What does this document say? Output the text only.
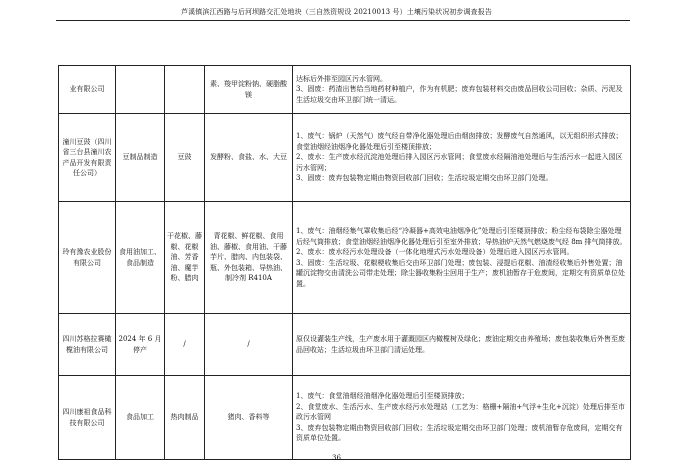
芦溪镇滨江西路与后河坝路交汇处地块（三自然资规设 20210013 号）土壤污染状况初步调查报告
业有限公司			素、羧甲淀粉钠、硬脂酸镁	达标后外排至园区污水管网。

3、固废：药渣出售给当地药材种植户，作为有机肥；废弃包装材料交由废品回收公司回收；杂质、污泥及生活垃圾交由环卫部门统一清运。

潼川豆豉（四川省三台县潼川农产品开发有限责任公司）	豆制品制造	豆豉	发酵粉、食盐、水、大豆	1、废气：锅炉（天然气）废气经自带净化器处理后由烟囱排放；发酵废气自然通风，以无组织形式排放；食堂油烟经油烟净化器处理后引至楼顶排放；

2、废水：生产废水经沉淀池处理后排入园区污水管网；食堂废水经隔油池处理后与生活污水一起进入园区污水管网；

3、固废：废弃包装物定期由物资回收部门回收；生活垃圾定期交由环卫部门处理。

玲有豫农业股份有限公司	食用油加工、食品制造	干花椒、藤椒、花椒油、芳香油、魔芋粉、腊肉	青花椒、鲜花椒、食用油、藤椒、食用油、干藤芋片、腊肉、内包装袋、瓶、外包装箱、导热油、制冷剂 R410A	1、废气：油烟经集气罩收集后经“冷凝器+高效电油烟净化”处理后引至楼顶排放；粉尘经布袋除尘器处理后经气筒排放；食堂油烟经油烟净化器处理后引至室外排放；导热油炉天然气燃烧废气经 8m 排气筒排放。

2、废水：废水经污水处理设备（一体化地埋式污水处理设备）处理后进入园区污水管网。

3、固废：生活垃圾、花椒梗收集后交由环卫部门处理；废包装、浸提后花椒、油渣经收集后外售处置；油罐沉淀物交由清洗公司带走处理；除尘器收集粉尘回用于生产；废机油暂存于危废间，定期交有资质单位处置。

四川苏格拉赛橄榄油有限公司	2024 年 6 月停产	/	/	原仅设灌装生产线，生产废水用于灌溉园区内橄榄树及绿化；废油定期交由养殖场；废包装收集后外售至废品回收站；生活垃圾由环卫部门清运处理。

四川康祖食品科技有限公司	食品加工	热肉制品	猪肉、香料等	1、废气：食堂油烟经油烟净化器处理后引至楼顶排放；

2、食堂废水、生活污水、生产废水经污水处理站（工艺为：格栅+隔油+气浮+生化+沉淀）处理后排至市政污水管网

3、废弃包装物定期由物资回收部门回收；生活垃圾定期交由环卫部门处理；废机油暂存危废间，定期交有资质单位处置。

36
